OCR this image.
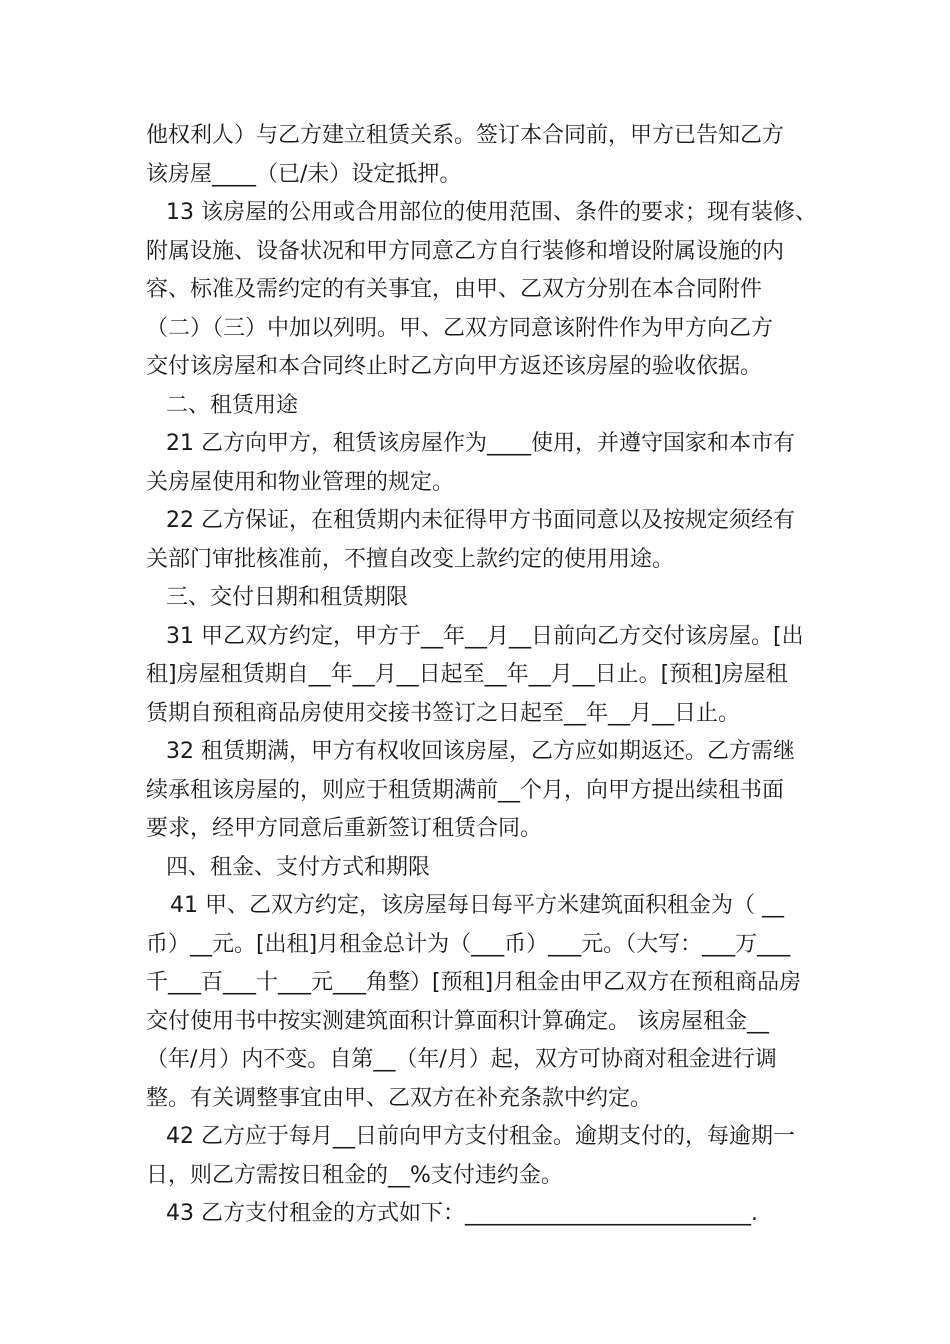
他权利人）与乙方建立租赁关系。签订本合同前，甲方已告知乙方

该房屋____（已/未）设定抵押。

13 该房屋的公用或合用部位的使用范围、条件的要求；现有装修、

附属设施、设备状况和甲方同意乙方自行装修和增设附属设施的内

容、标准及需约定的有关事宜，由甲、乙双方分别在本合同附件

（二）（三）中加以列明。甲、乙双方同意该附件作为甲方向乙方

交付该房屋和本合同终止时乙方向甲方返还该房屋的验收依据。

二、租赁用途

21 乙方向甲方，租赁该房屋作为____使用，并遵守国家和本市有

关房屋使用和物业管理的规定。

22 乙方保证，在租赁期内未征得甲方书面同意以及按规定须经有

关部门审批核准前，不擅自改变上款约定的使用用途。

三、交付日期和租赁期限

31 甲乙双方约定，甲方于__年__月__日前向乙方交付该房屋。[出

租]房屋租赁期自__年__月__日起至__年__月__日止。[预租]房屋租

赁期自预租商品房使用交接书签订之日起至__年__月__日止。

32 租赁期满，甲方有权收回该房屋，乙方应如期返还。乙方需继

续承租该房屋的，则应于租赁期满前__个月，向甲方提出续租书面

要求，经甲方同意后重新签订租赁合同。

四、租金、支付方式和期限

41 甲、乙双方约定，该房屋每日每平方米建筑面积租金为（ __

币）__元。[出租]月租金总计为（___币）___元。（大写：___万___

千___百___十___元___角整）[预租]月租金由甲乙双方在预租商品房

交付使用书中按实测建筑面积计算面积计算确定。 该房屋租金__

（年/月）内不变。自第__（年/月）起，双方可协商对租金进行调

整。有关调整事宜由甲、乙双方在补充条款中约定。

42 乙方应于每月__日前向甲方支付租金。逾期支付的，每逾期一

日，则乙方需按日租金的__%支付违约金。

43 乙方支付租金的方式如下：__________________________.
